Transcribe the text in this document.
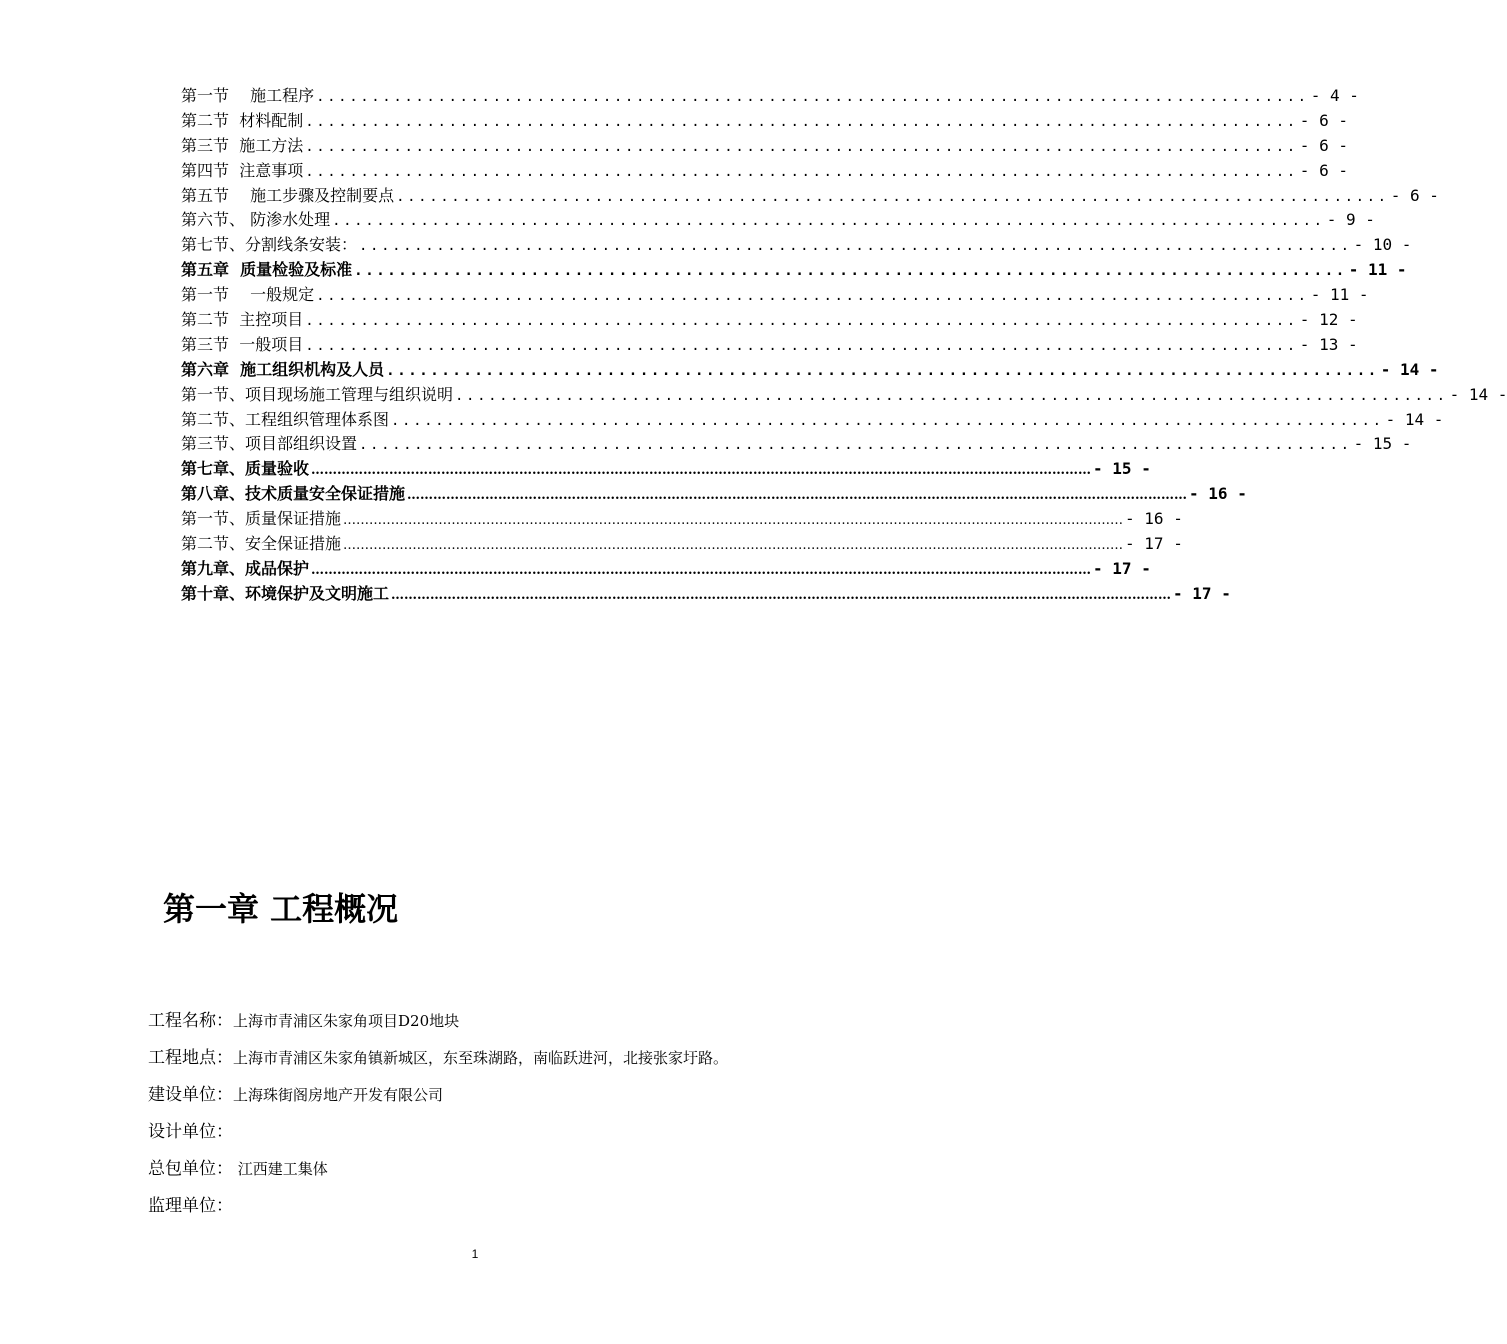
第一节
　 施工程序 .......................................................................................... - 4 -
第二节
材料配制 .......................................................................................... - 6 -
第三节
施工方法 .......................................................................................... - 6 -
第四节
注意事项 .......................................................................................... - 6 -
第五节
　 施工步骤及控制要点 .......................................................................................... - 6 -
第六节、
防渗水处理 .......................................................................................... - 9 -
第七节、 分割线条安装： .......................................................................................... - 10 -
第五章
质量检验及标准 .......................................................................................... - 11 -
第一节
　 一般规定 .......................................................................................... - 11 -
第二节
主控项目 .......................................................................................... - 12 -
第三节
一般项目 .......................................................................................... - 13 -
第六章
施工组织机构及人员 .......................................................................................... - 14 -
第一节、 项目现场施工管理与组织说明 .......................................................................................... - 14 -
第二节、 工程组织管理体系图 .......................................................................................... - 14 -
第三节、 项目部组织设置 .......................................................................................... - 15 -
第七章、 质量验收 ……………………………………………………………………………………………………………………………………………………………… - 15 -
第八章、 技术质量安全保证措施 ……………………………………………………………………………………………………………………………………………………………… - 16 -
第一节、 质量保证措施 ……………………………………………………………………………………………………………………………………………………………… - 16 -
第二节、 安全保证措施 ……………………………………………………………………………………………………………………………………………………………… - 17 -
第九章、 成品保护 ……………………………………………………………………………………………………………………………………………………………… - 17 -
第十章、 环境保护及文明施工 ……………………………………………………………………………………………………………………………………………………………… - 17 -
第一章 工程概况
工程名称：上海市青浦区朱家角项目D20地块
工程地点：上海市青浦区朱家角镇新城区，东至珠湖路，南临跃进河，北接张家圩路。
建设单位：上海珠街阁房地产开发有限公司
设计单位：
总包单位： 江西建工集体
监理单位：
1
